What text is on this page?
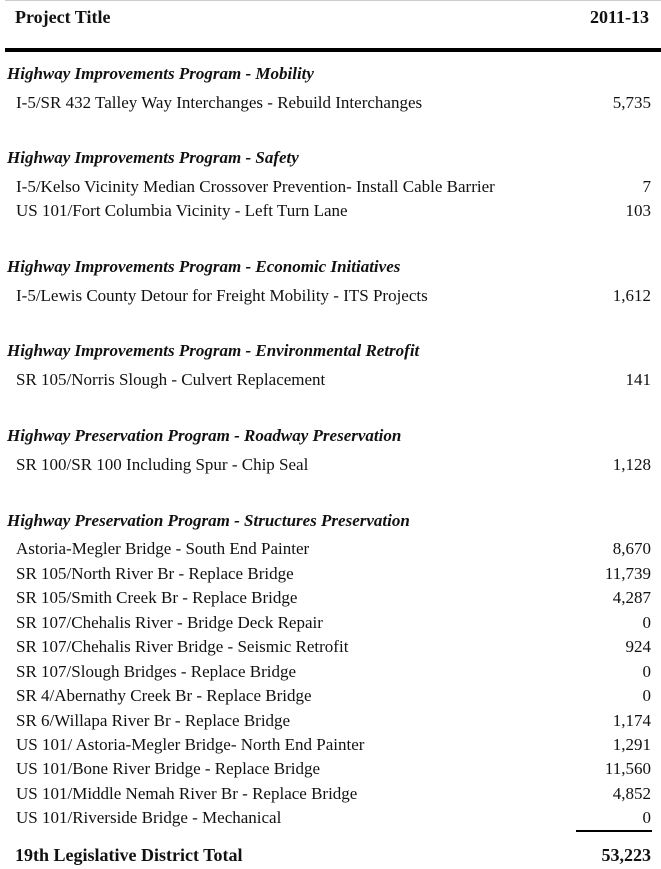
Project Title	2011-13
Highway Improvements Program - Mobility
I-5/SR 432 Talley Way Interchanges - Rebuild Interchanges	5,735
Highway Improvements Program - Safety
I-5/Kelso Vicinity Median Crossover Prevention- Install Cable Barrier	7
US 101/Fort Columbia Vicinity - Left Turn Lane	103
Highway Improvements Program - Economic Initiatives
I-5/Lewis County Detour for Freight Mobility - ITS Projects	1,612
Highway Improvements Program - Environmental Retrofit
SR 105/Norris Slough - Culvert Replacement	141
Highway Preservation Program - Roadway Preservation
SR 100/SR 100 Including Spur - Chip Seal	1,128
Highway Preservation Program - Structures Preservation
Astoria-Megler Bridge - South End Painter	8,670
SR 105/North River Br - Replace Bridge	11,739
SR 105/Smith Creek Br - Replace Bridge	4,287
SR 107/Chehalis River - Bridge Deck Repair	0
SR 107/Chehalis River Bridge - Seismic Retrofit	924
SR 107/Slough Bridges - Replace Bridge	0
SR 4/Abernathy Creek Br - Replace Bridge	0
SR 6/Willapa River Br - Replace Bridge	1,174
US 101/ Astoria-Megler Bridge- North End Painter	1,291
US 101/Bone River Bridge - Replace Bridge	11,560
US 101/Middle Nemah River Br - Replace Bridge	4,852
US 101/Riverside Bridge - Mechanical	0
19th Legislative District Total	53,223
